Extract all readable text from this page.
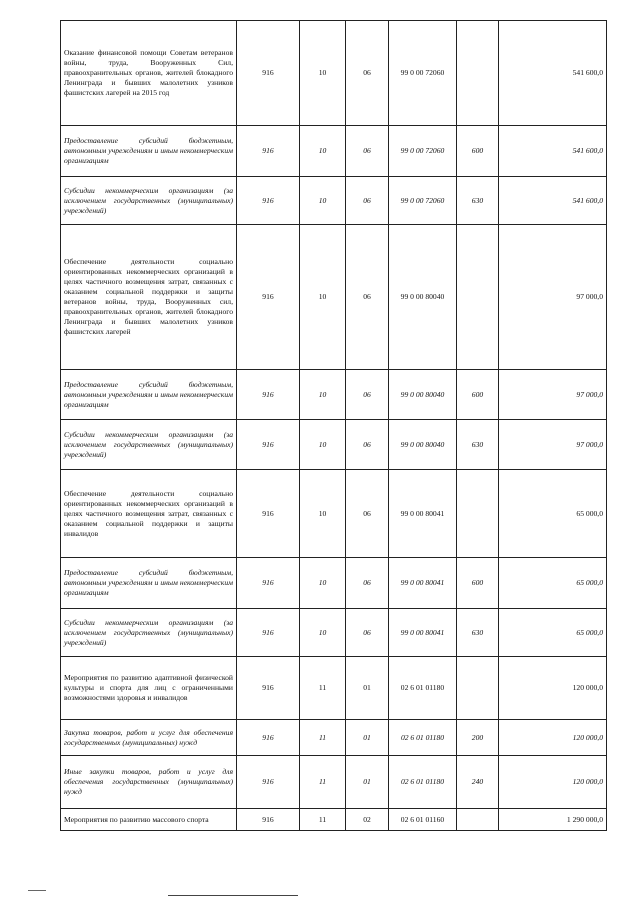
Оказание финансовой помощи Советам ветеранов войны, труда, Вооруженных Сил, правоохранительных органов, жителей блокадного Ленинграда и бывших малолетних узников фашистских лагерей на 2015 год	916	10	06	99 0 00 72060		541 600,0
Предоставление субсидий бюджетным, автономным учреждениям и иным некоммерческим организациям	916	10	06	99 0 00 72060	600	541 600,0
Субсидии некоммерческим организациям (за исключением государственных (муниципальных) учреждений)	916	10	06	99 0 00 72060	630	541 600,0
Обеспечение деятельности социально ориентированных некоммерческих организаций в целях частичного возмещения затрат, связанных с оказанием социальной поддержки и защиты ветеранов войны, труда, Вооруженных сил, правоохранительных органов, жителей блокадного Ленинграда и бывших малолетних узников фашистских лагерей	916	10	06	99 0 00 80040		97 000,0
Предоставление субсидий бюджетным, автономным учреждениям и иным некоммерческим организациям	916	10	06	99 0 00 80040	600	97 000,0
Субсидии некоммерческим организациям (за исключением государственных (муниципальных) учреждений)	916	10	06	99 0 00 80040	630	97 000,0
Обеспечение деятельности социально ориентированных некоммерческих организаций в целях частичного возмещения затрат, связанных с оказанием социальной поддержки и защиты инвалидов	916	10	06	99 0 00 80041		65 000,0
Предоставление субсидий бюджетным, автономным учреждениям и иным некоммерческим организациям	916	10	06	99 0 00 80041	600	65 000,0
Субсидии некоммерческим организациям (за исключением государственных (муниципальных) учреждений)	916	10	06	99 0 00 80041	630	65 000,0
Мероприятия по развитию адаптивной физической культуры и спорта для лиц с ограниченными возможностями здоровья и инвалидов	916	11	01	02 6 01 01180		120 000,0
Закупка товаров, работ и услуг для обеспечения государственных (муниципальных) нужд	916	11	01	02 6 01 01180	200	120 000,0
Иные закупки товаров, работ и услуг для обеспечения государственных (муниципальных) нужд	916	11	01	02 6 01 01180	240	120 000,0
Мероприятия по развитию массового спорта	916	11	02	02 6 01 01160		1 290 000,0
